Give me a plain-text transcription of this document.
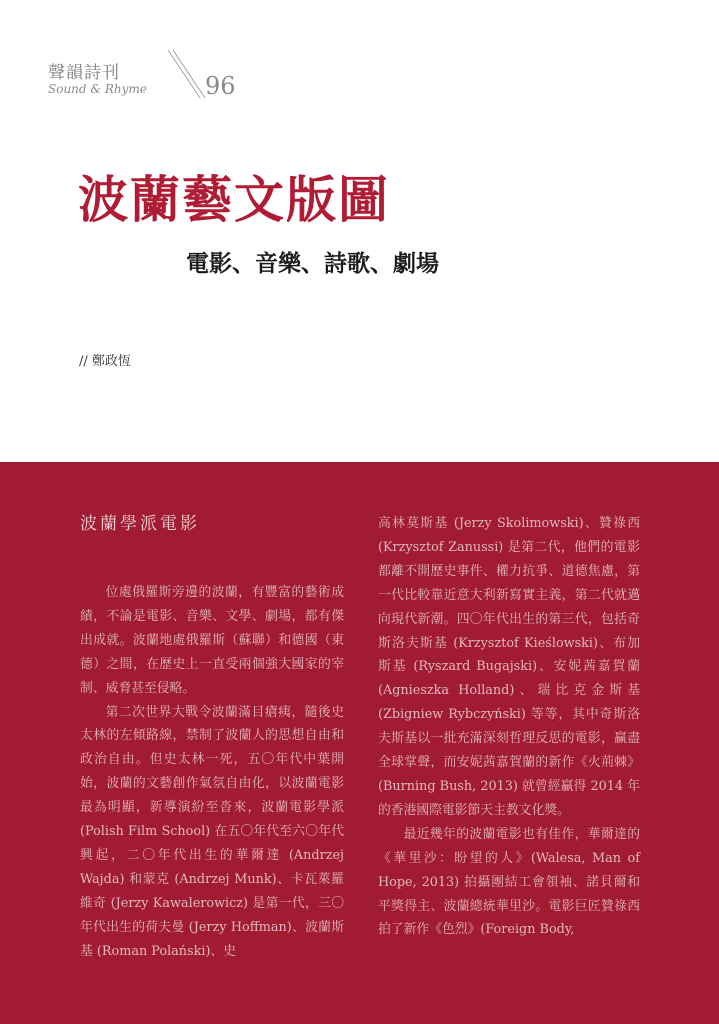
聲韻詩刊
Sound & Rhyme 96
波蘭藝文版圖
電影、音樂、詩歌、劇場
// 鄭政恆
波蘭學派電影

位處俄羅斯旁邊的波蘭，有豐富的藝術成績，不論是電影、音樂、文學、劇場，都有傑出成就。波蘭地處俄羅斯（蘇聯）和德國（東德）之間，在歷史上一直受兩個強大國家的宰制、威脅甚至侵略。

第二次世界大戰令波蘭滿目瘡痍，隨後史太林的左傾路線，禁制了波蘭人的思想自由和政治自由。但史太林一死，五〇年代中葉開始，波蘭的文藝創作氣氛自由化，以波蘭電影最為明顯，新導演紛至沓來，波蘭電影學派 (Polish Film School) 在五〇年代至六〇年代興起，二〇年代出生的華爾達 (Andrzej Wajda) 和蒙克 (Andrzej Munk)、卡瓦萊羅維奇 (Jerzy Kawalerowicz) 是第一代，三〇年代出生的荷夫曼 (Jerzy Hoffman)、波蘭斯基 (Roman Polański)、史

高林莫斯基 (Jerzy Skolimowski)、贊祿西 (Krzysztof Zanussi) 是第二代，他們的電影都離不開歷史事件、權力抗爭、道德焦慮，第一代比較靠近意大利新寫實主義，第二代就邁向現代新潮。四〇年代出生的第三代，包括奇斯洛夫斯基 (Krzysztof Kieślowski)、布加斯基 (Ryszard Bugajski)、安妮茜嘉賀蘭 (Agnieszka Holland)、瑞比克金斯基 (Zbigniew Rybczyński) 等等，其中奇斯洛夫斯基以一批充滿深刻哲理反思的電影，贏盡全球掌聲，而安妮茜嘉賀蘭的新作《火荊棘》(Burning Bush, 2013) 就曾經贏得 2014 年的香港國際電影節天主教文化獎。

最近幾年的波蘭電影也有佳作，華爾達的《華里沙：盼望的人》(Walesa, Man of Hope, 2013) 拍攝團結工會領袖、諾貝爾和平獎得主、波蘭總統華里沙。電影巨匠贊祿西拍了新作《色烈》(Foreign Body,
